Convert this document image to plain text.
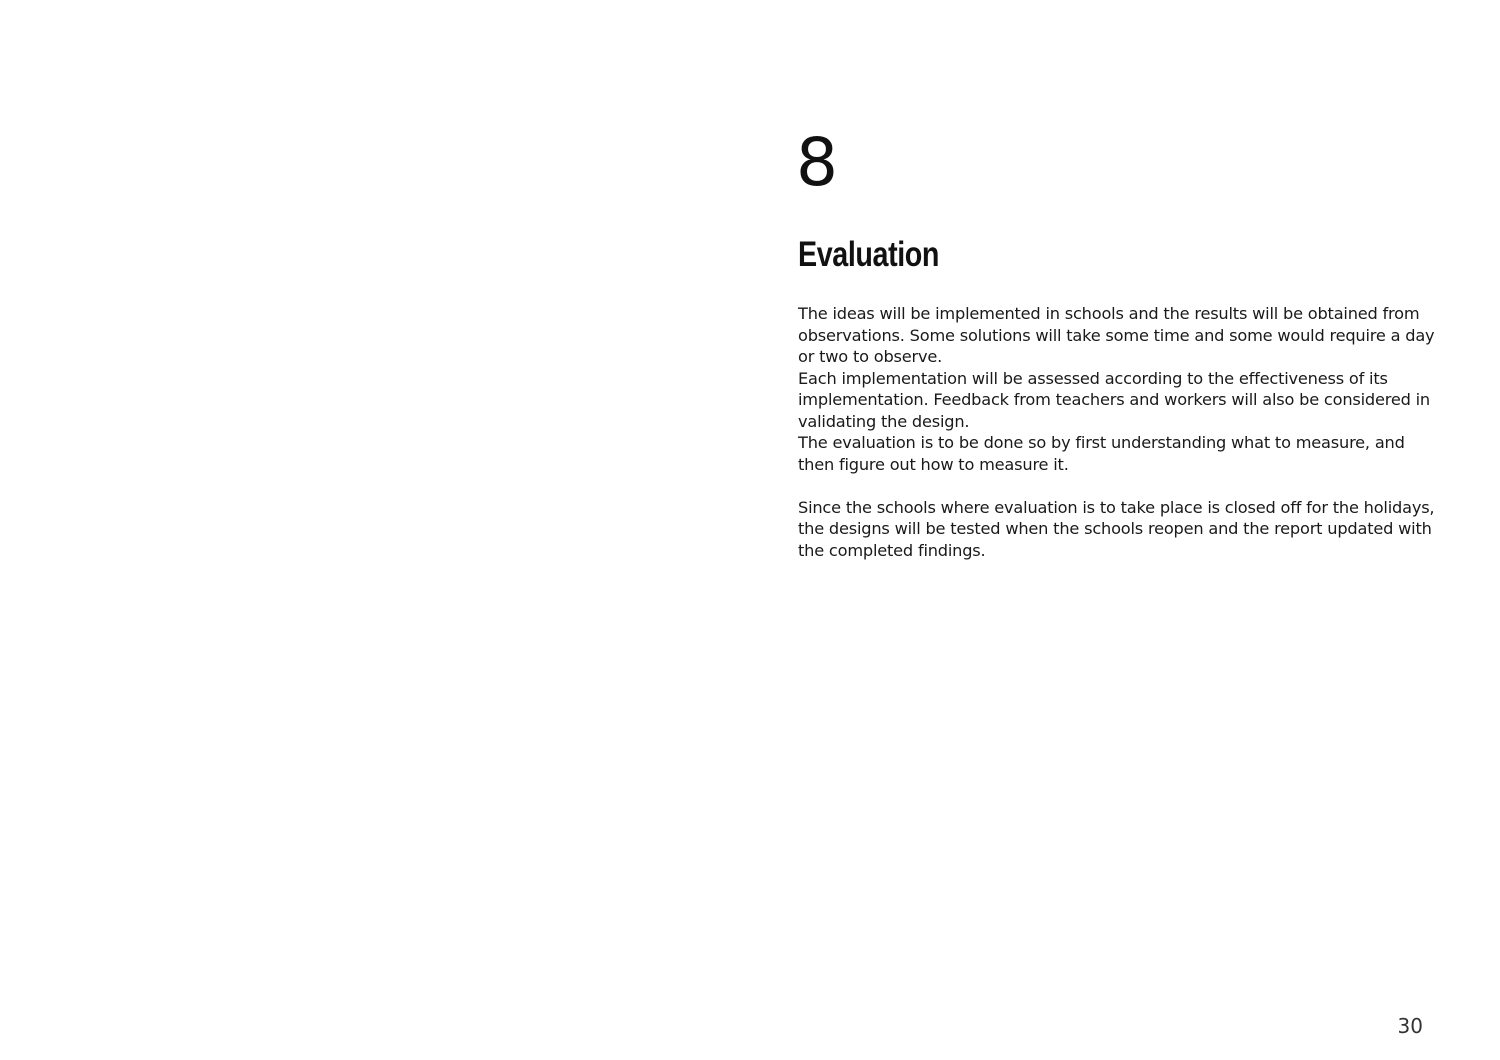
8
Evaluation

The ideas will be implemented in schools and the results will be obtained from observations. Some solutions will take some time and some would require a day or two to observe.

Each implementation will be assessed according to the effectiveness of its implementation. Feedback from teachers and workers will also be considered in validating the design.

The evaluation is to be done so by first understanding what to measure, and then figure out how to measure it.

Since the schools where evaluation is to take place is closed off for the holidays, the designs will be tested when the schools reopen and the report updated with the completed findings.

30
